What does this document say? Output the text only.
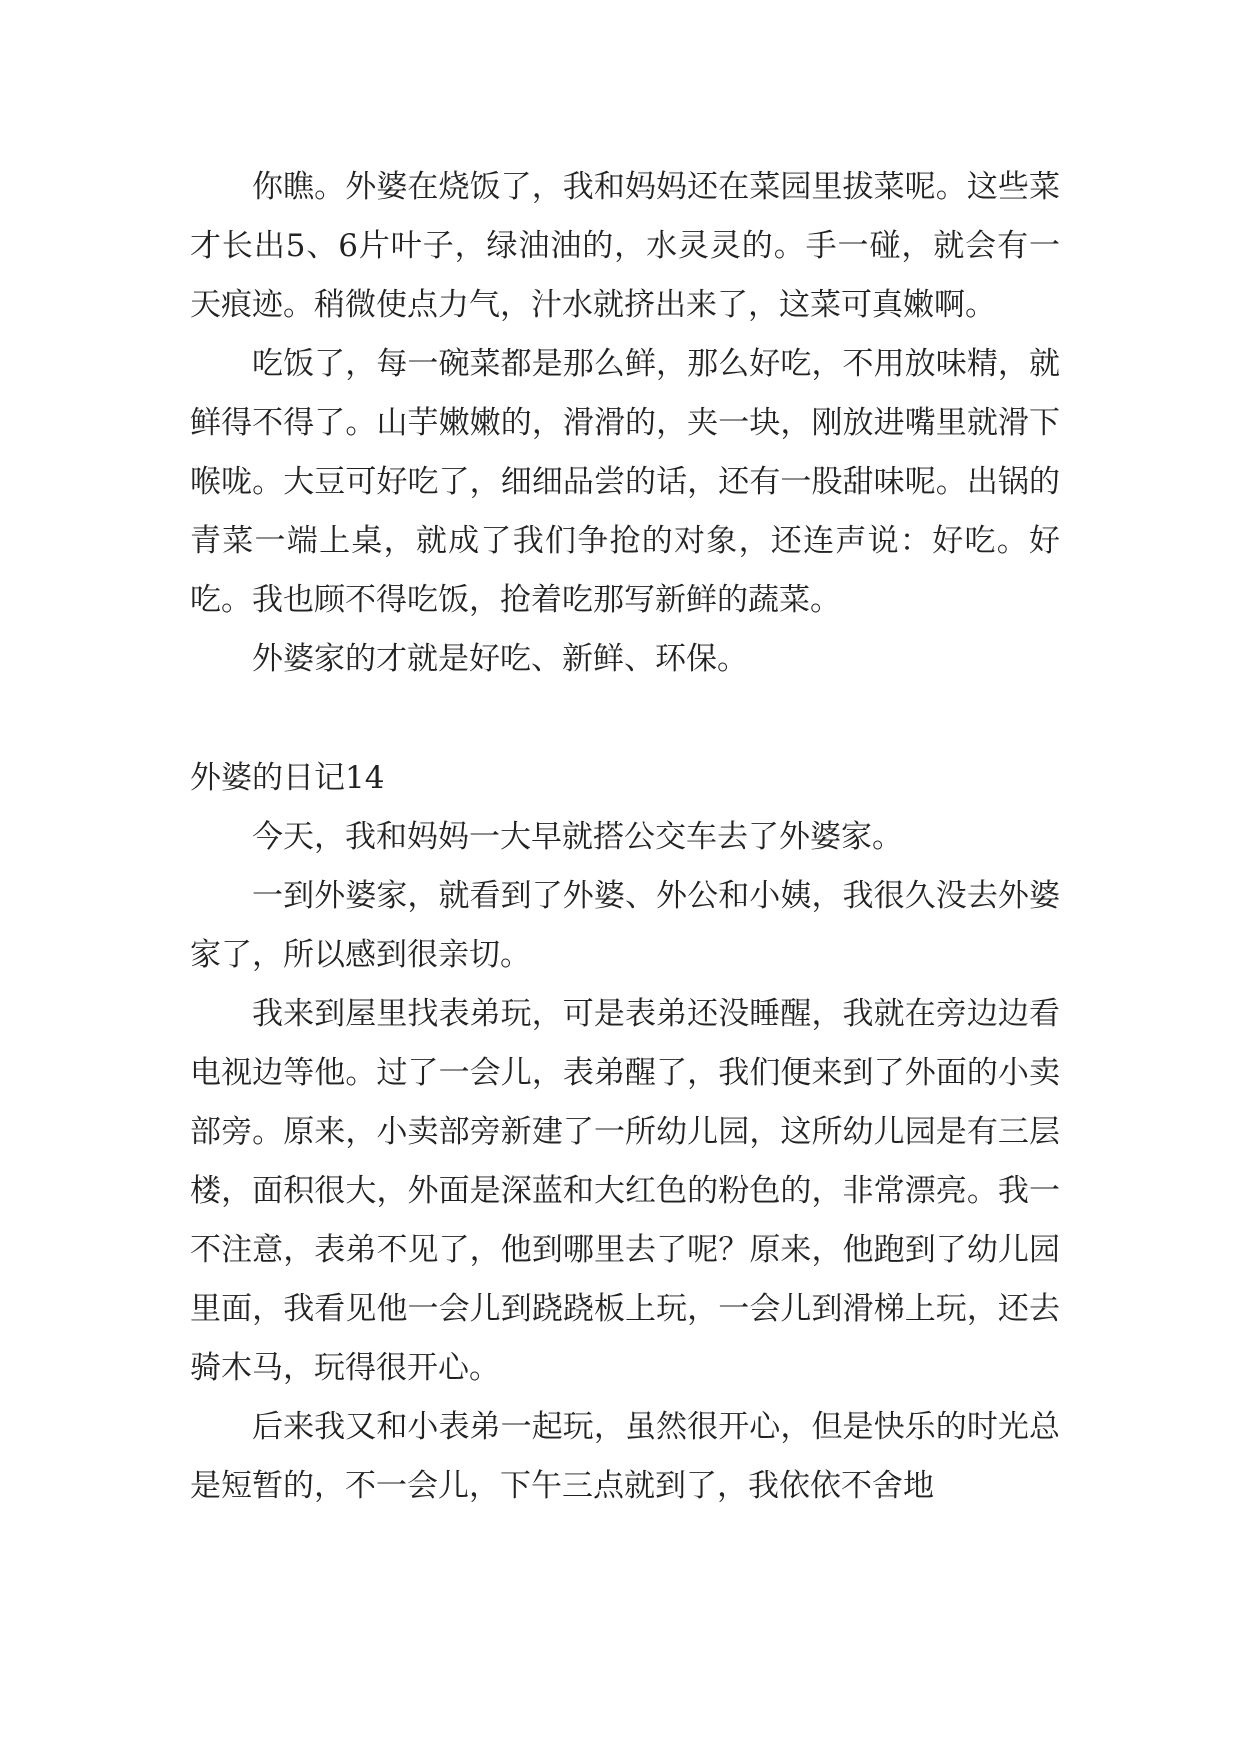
你瞧。外婆在烧饭了，我和妈妈还在菜园里拔菜呢。这些菜才长出5、6片叶子，绿油油的，水灵灵的。手一碰，就会有一天痕迹。稍微使点力气，汁水就挤出来了，这菜可真嫩啊。

吃饭了，每一碗菜都是那么鲜，那么好吃，不用放味精，就鲜得不得了。山芋嫩嫩的，滑滑的，夹一块，刚放进嘴里就滑下喉咙。大豆可好吃了，细细品尝的话，还有一股甜味呢。出锅的青菜一端上桌，就成了我们争抢的对象，还连声说：好吃。好吃。我也顾不得吃饭，抢着吃那写新鲜的蔬菜。

外婆家的才就是好吃、新鲜、环保。

外婆的日记14

今天，我和妈妈一大早就搭公交车去了外婆家。

一到外婆家，就看到了外婆、外公和小姨，我很久没去外婆家了，所以感到很亲切。

我来到屋里找表弟玩，可是表弟还没睡醒，我就在旁边边看电视边等他。过了一会儿，表弟醒了，我们便来到了外面的小卖部旁。原来，小卖部旁新建了一所幼儿园，这所幼儿园是有三层楼，面积很大，外面是深蓝和大红色的粉色的，非常漂亮。我一不注意，表弟不见了，他到哪里去了呢？原来，他跑到了幼儿园里面，我看见他一会儿到跷跷板上玩，一会儿到滑梯上玩，还去骑木马，玩得很开心。

后来我又和小表弟一起玩，虽然很开心，但是快乐的时光总是短暂的，不一会儿，下午三点就到了，我依依不舍地
